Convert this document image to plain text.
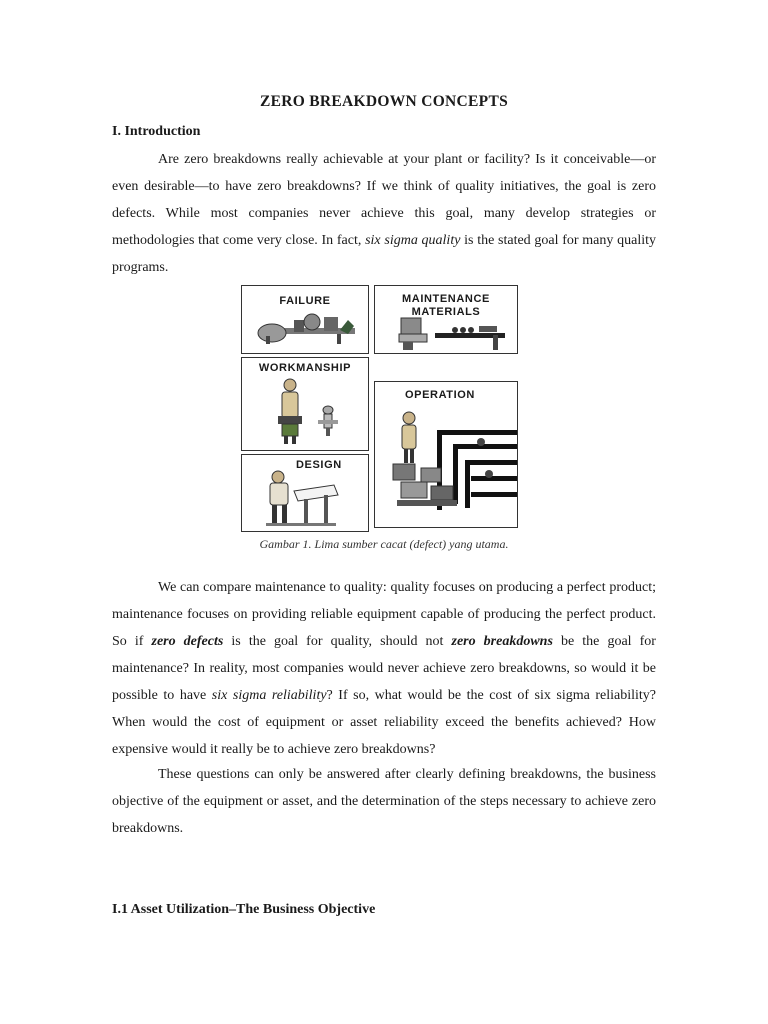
ZERO BREAKDOWN CONCEPTS
I. Introduction

Are zero breakdowns really achievable at your plant or facility? Is it conceivable—or even desirable—to have zero breakdowns? If we think of quality initiatives, the goal is zero defects. While most companies never achieve this goal, many develop strategies or methodologies that come very close. In fact, six sigma quality is the stated goal for many quality programs.

FAILURE	MAINTENANCE
MATERIALS
WORKMANSHIP
OPERATION
DESIGN
Gambar 1. Lima sumber cacat (defect) yang utama.

We can compare maintenance to quality: quality focuses on producing a perfect product; maintenance focuses on providing reliable equipment capable of producing the perfect product. So if zero defects is the goal for quality, should not zero breakdowns be the goal for maintenance? In reality, most companies would never achieve zero breakdowns, so would it be possible to have six sigma reliability? If so, what would be the cost of six sigma reliability? When would the cost of equipment or asset reliability exceed the benefits achieved? How expensive would it really be to achieve zero breakdowns?

These questions can only be answered after clearly defining breakdowns, the business objective of the equipment or asset, and the determination of the steps necessary to achieve zero breakdowns.

I.1 Asset Utilization–The Business Objective
